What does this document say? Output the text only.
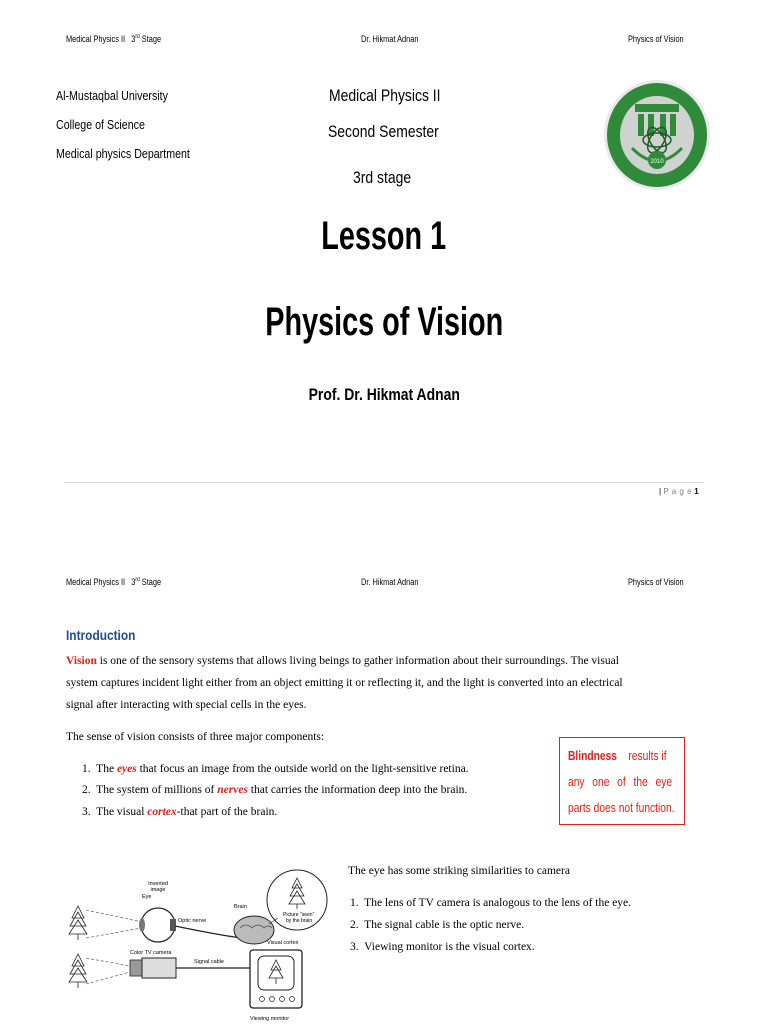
Medical Physics II 3rd Stage	Dr. Hikmat Adnan	Physics of Vision
Al-Mustaqbal University
College of Science
Medical physics Department
Medical Physics II
Second Semester
3rd stage
2010
Lesson 1
Physics of Vision
Prof. Dr. Hikmat Adnan
| P a g e 1
Medical Physics II 3rd Stage	Dr. Hikmat Adnan	Physics of Vision
Introduction
Vision is one of the sensory systems that allows living beings to gather information about their surroundings. The visual
system captures incident light either from an object emitting it or reflecting it, and the light is converted into an electrical
signal after interacting with special cells in the eyes.
The sense of vision consists of three major components:
1. The eyes that focus an image from the outside world on the light-sensitive retina.
2. The system of millions of nerves that carries the information deep into the brain.
3. The visual cortex-that part of the brain.
Blindness results if
any one of the eye
parts does not function.
The eye has some striking similarities to camera
1. The lens of TV camera is analogous to the lens of the eye.
2. The signal cable is the optic nerve.
3. Viewing monitor is the visual cortex.
Inverted
image
Eye
Brain
Optic nerve
Picture "seen"
by the brain
Visual cortex
Color TV camera
Signal cable
Viewing monitor
